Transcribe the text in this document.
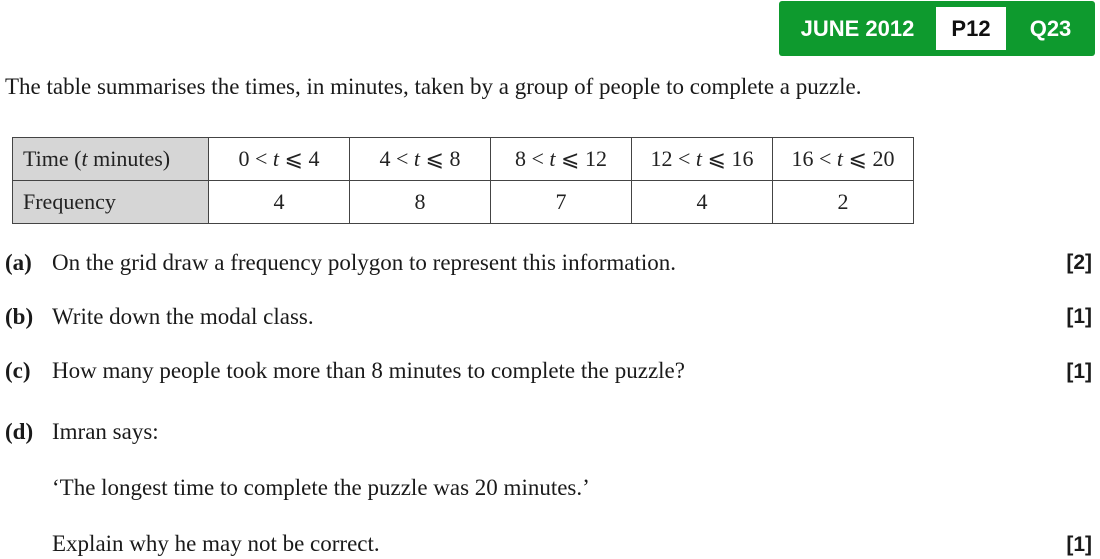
JUNE 2012	P12	Q23
The table summarises the times, in minutes, taken by a group of people to complete a puzzle.
Time (t minutes)	0 < t ⩽ 4	4 < t ⩽ 8	8 < t ⩽ 12	12 < t ⩽ 16	16 < t ⩽ 20
Frequency	4	8	7	4	2
(a) On the grid draw a frequency polygon to represent this information.	[2]
(b) Write down the modal class.	[1]
(c) How many people took more than 8 minutes to complete the puzzle?	[1]
(d) Imran says:
‘The longest time to complete the puzzle was 20 minutes.’
Explain why he may not be correct.	[1]
